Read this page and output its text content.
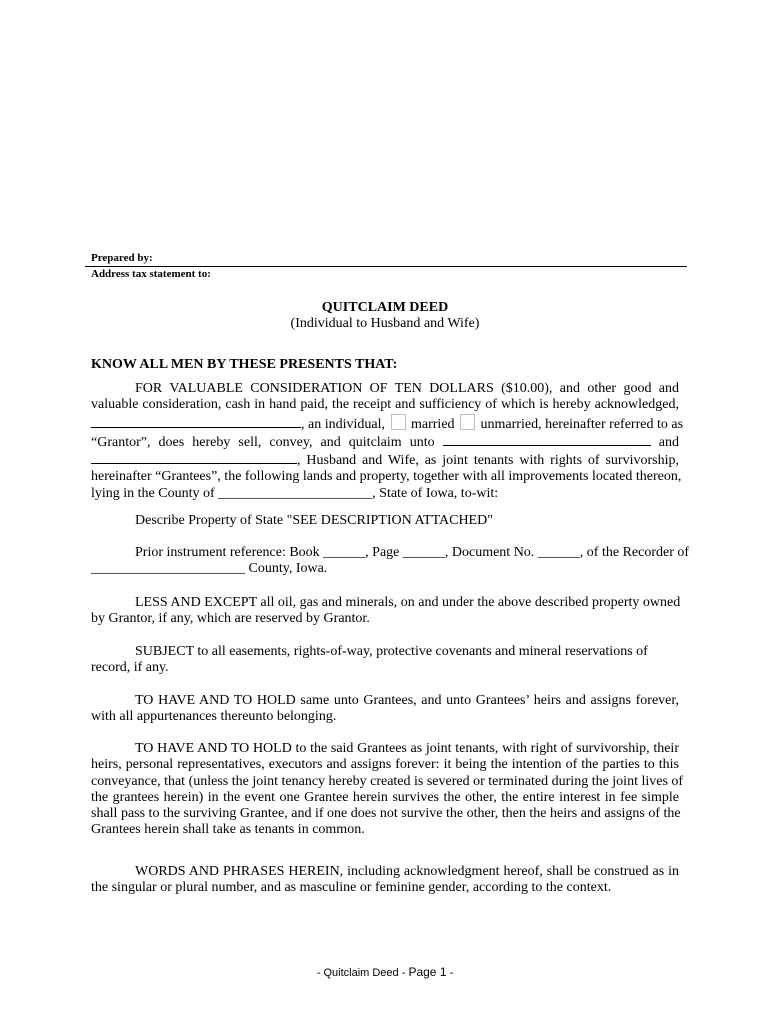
Prepared by:
Address tax statement to:
QUITCLAIM DEED
(Individual to Husband and Wife)
KNOW ALL MEN BY THESE PRESENTS THAT:
FOR VALUABLE CONSIDERATION OF TEN DOLLARS ($10.00), and other good and
valuable consideration, cash in hand paid, the receipt and sufficiency of which is hereby acknowledged,
, an individual, married unmarried, hereinafter referred to as
“Grantor”, does hereby sell, convey, and quitclaim unto	and
, Husband and Wife, as joint tenants with rights of survivorship,
hereinafter “Grantees”, the following lands and property, together with all improvements located thereon,
lying in the County of ______________________, State of Iowa, to-wit:
Describe Property of State "SEE DESCRIPTION ATTACHED"
Prior instrument reference: Book ______, Page ______, Document No. ______, of the Recorder of
______________________ County, Iowa.
LESS AND EXCEPT all oil, gas and minerals, on and under the above described property owned
by Grantor, if any, which are reserved by Grantor.
SUBJECT to all easements, rights-of-way, protective covenants and mineral reservations of
record, if any.
TO HAVE AND TO HOLD same unto Grantees, and unto Grantees’ heirs and assigns forever,
with all appurtenances thereunto belonging.
TO HAVE AND TO HOLD to the said Grantees as joint tenants, with right of survivorship, their
heirs, personal representatives, executors and assigns forever: it being the intention of the parties to this
conveyance, that (unless the joint tenancy hereby created is severed or terminated during the joint lives of
the grantees herein) in the event one Grantee herein survives the other, the entire interest in fee simple
shall pass to the surviving Grantee, and if one does not survive the other, then the heirs and assigns of the
Grantees herein shall take as tenants in common.
WORDS AND PHRASES HEREIN, including acknowledgment hereof, shall be construed as in
the singular or plural number, and as masculine or feminine gender, according to the context.
- Quitclaim Deed - Page 1 -
